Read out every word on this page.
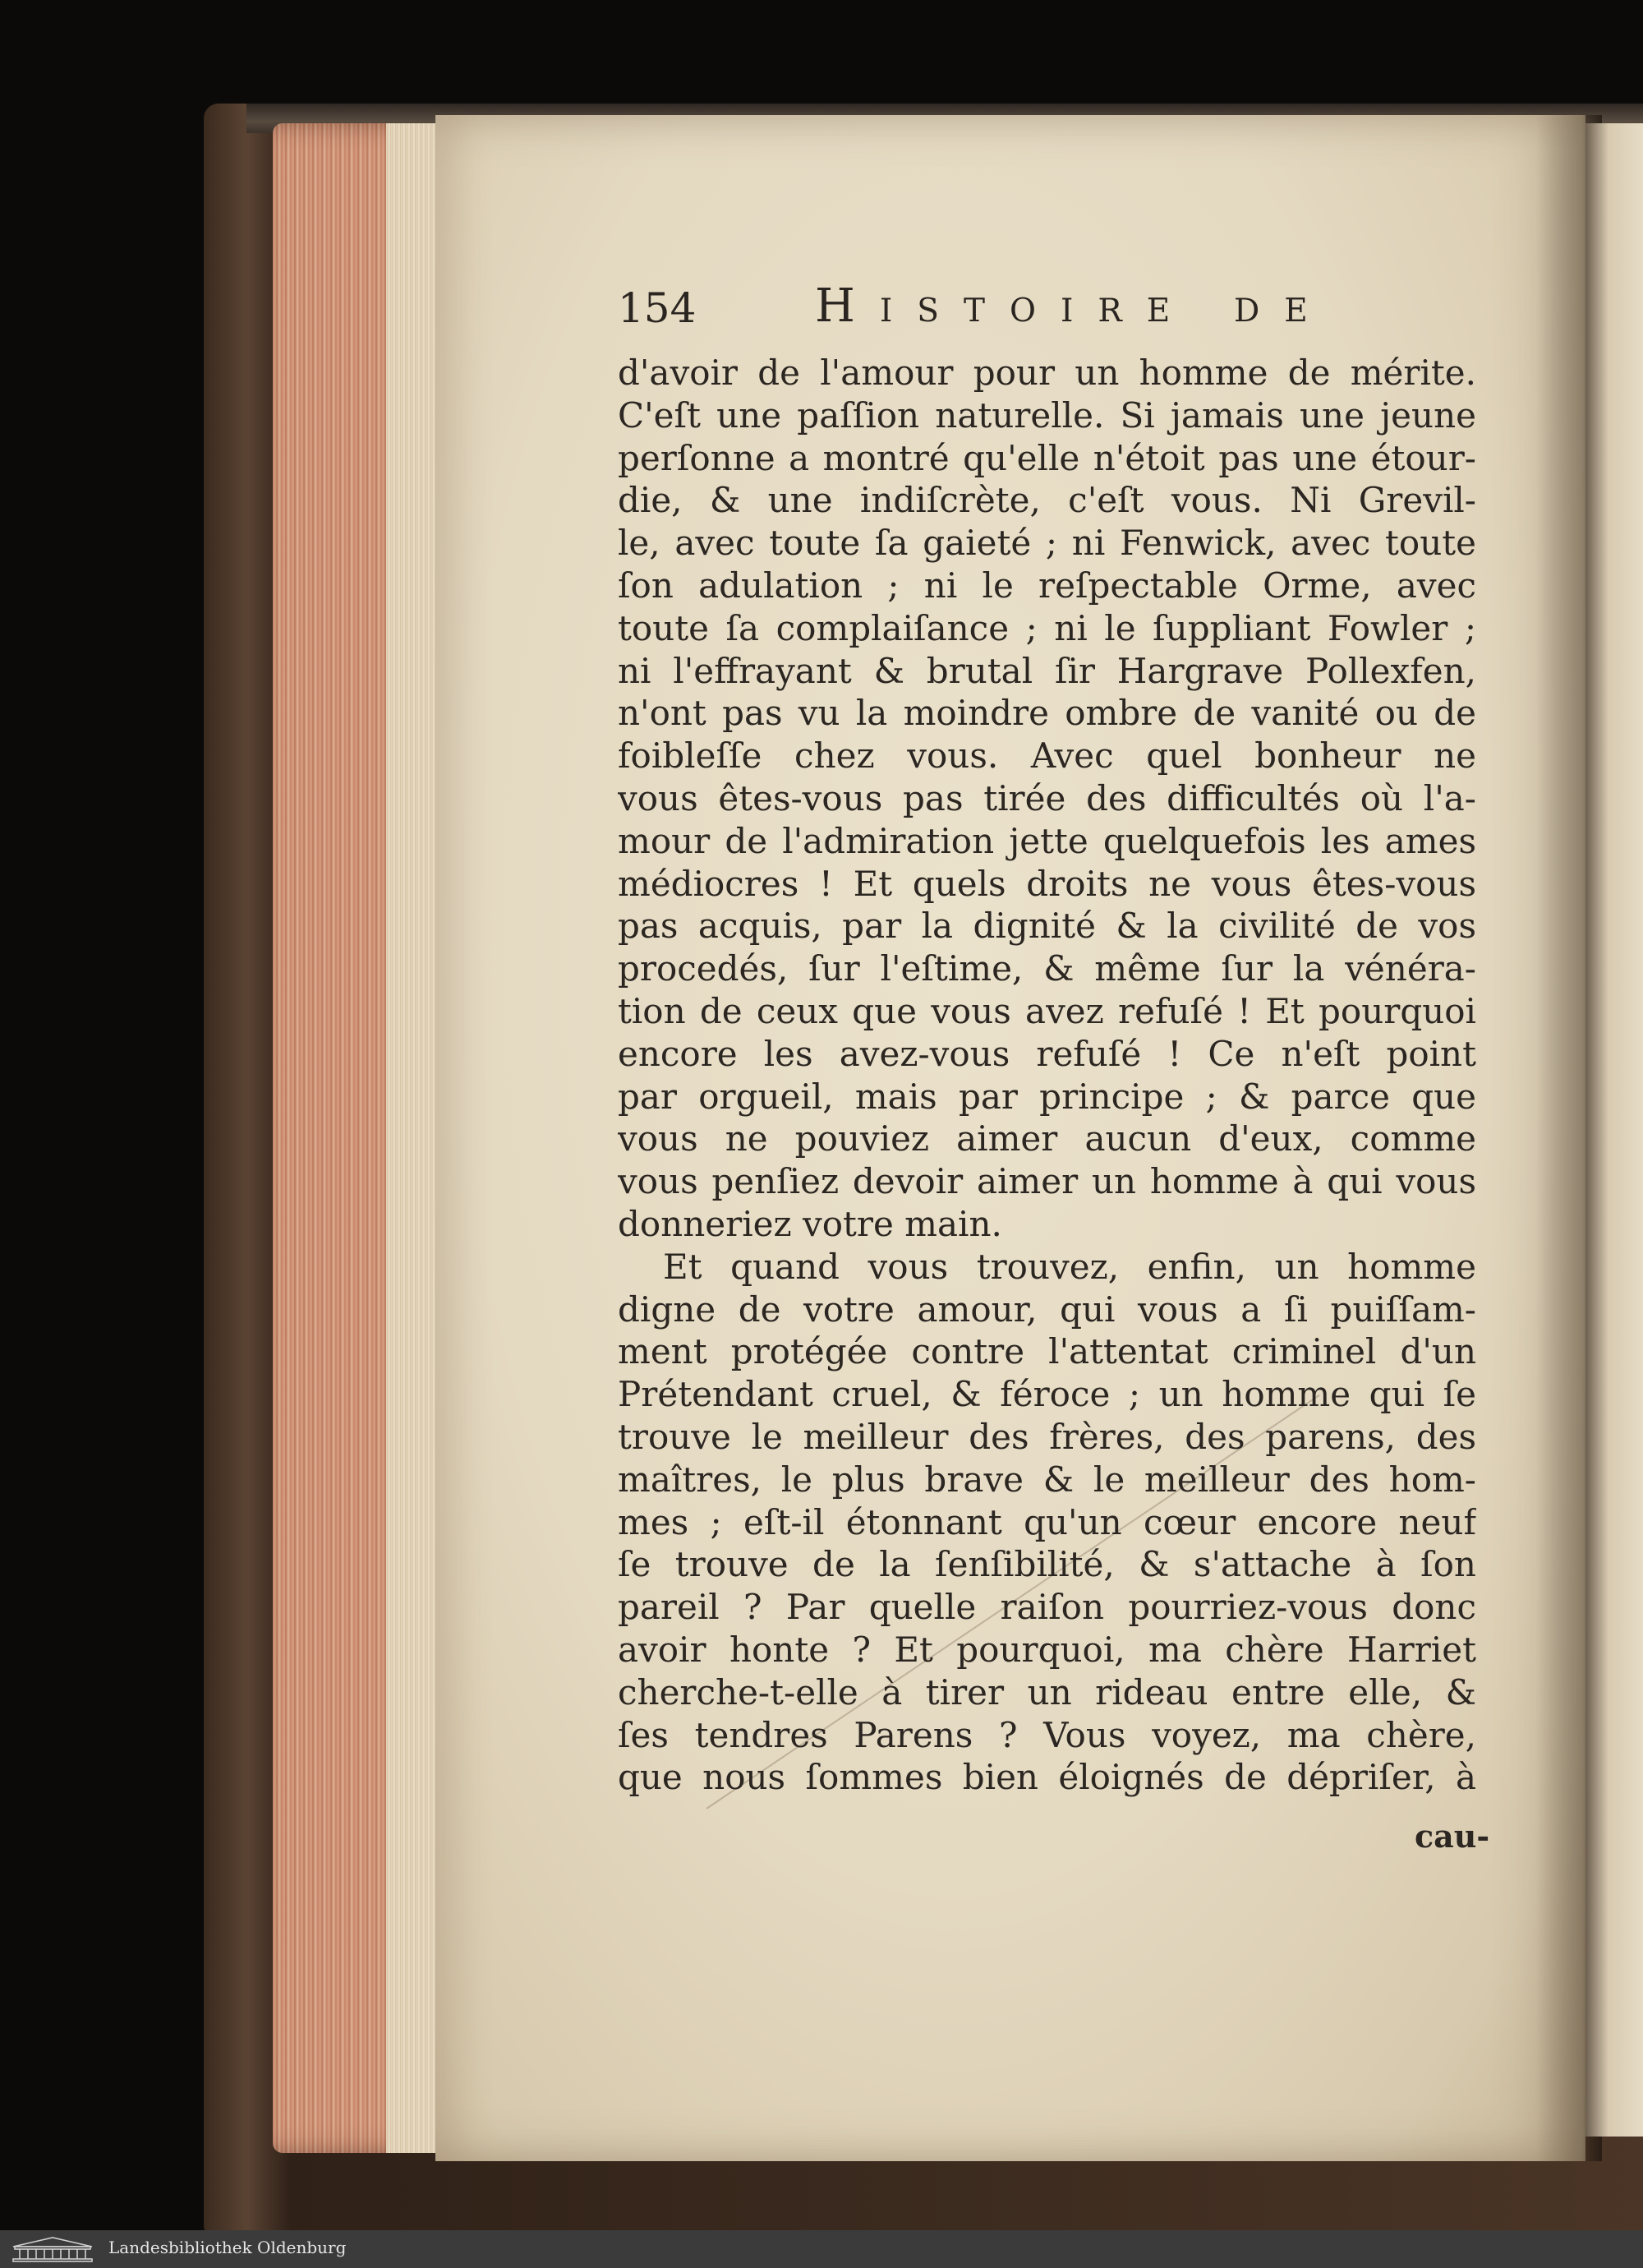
154	Histoire de
d'avoir de l'amour pour un homme de mérite.
C'eſt une paſſion naturelle. Si jamais une jeune
perſonne a montré qu'elle n'étoit pas une étour-
die, & une indiſcrète, c'eſt vous. Ni Grevil-
le, avec toute ſa gaieté ; ni Fenwick, avec toute
ſon adulation ; ni le reſpectable Orme, avec
toute ſa complaiſance ; ni le ſuppliant Fowler ;
ni l'effrayant & brutal ſir Hargrave Pollexfen,
n'ont pas vu la moindre ombre de vanité ou de
foibleſſe chez vous. Avec quel bonheur ne
vous êtes-vous pas tirée des difficultés où l'a-
mour de l'admiration jette quelquefois les ames
médiocres ! Et quels droits ne vous êtes-vous
pas acquis, par la dignité & la civilité de vos
procedés, ſur l'eſtime, & même ſur la vénéra-
tion de ceux que vous avez refuſé ! Et pourquoi
encore les avez-vous refuſé ! Ce n'eſt point
par orgueil, mais par principe ; & parce que
vous ne pouviez aimer aucun d'eux, comme
vous penſiez devoir aimer un homme à qui vous
donneriez votre main.
Et quand vous trouvez, enfin, un homme
digne de votre amour, qui vous a ſi puiſſam-
ment protégée contre l'attentat criminel d'un
Prétendant cruel, & féroce ; un homme qui ſe
trouve le meilleur des frères, des parens, des
maîtres, le plus brave & le meilleur des hom-
mes ; eſt-il étonnant qu'un cœur encore neuf
ſe trouve de la ſenſibilité, & s'attache à ſon
pareil ? Par quelle raiſon pourriez-vous donc
avoir honte ? Et pourquoi, ma chère Harriet
cherche-t-elle à tirer un rideau entre elle, &
ſes tendres Parens ? Vous voyez, ma chère,
que nous ſommes bien éloignés de dépriſer, à
cau-
Landesbibliothek Oldenburg
